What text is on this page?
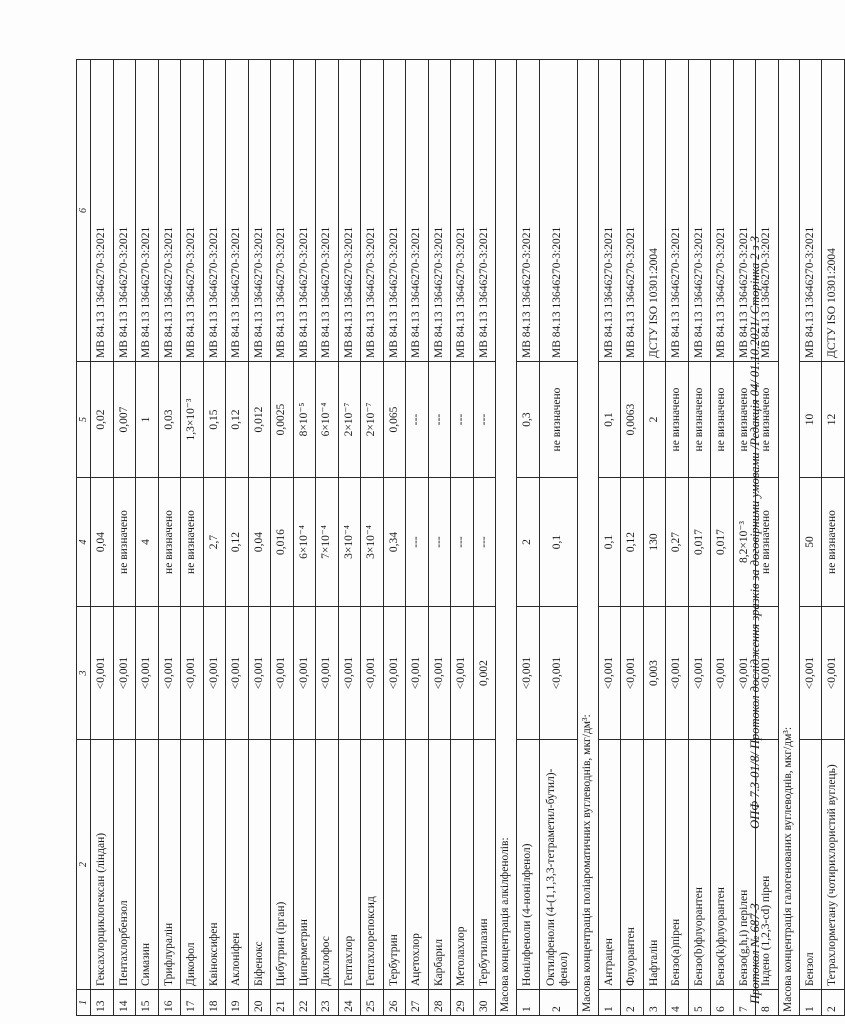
1	2	3	4	5	6
13	Гексахлорциклогексан (ліндан)	<0,001	0,04	0,02	МВ 84.13 13646270-3:2021
14	Пентахлорбензол	<0,001	не визначено	0,007	МВ 84.13 13646270-3:2021
15	Симазин	<0,001	4	1	МВ 84.13 13646270-3:2021
16	Трифлуралін	<0,001	не визначено	0,03	МВ 84.13 13646270-3:2021
17	Дикофол	<0,001	не визначено	1,3×10⁻³	МВ 84.13 13646270-3:2021
18	Квіноксифен	<0,001	2,7	0,15	МВ 84.13 13646270-3:2021
19	Аклоніфен	<0,001	0,12	0,12	МВ 84.13 13646270-3:2021
20	Біфенокс	<0,001	0,04	0,012	МВ 84.13 13646270-3:2021
21	Цибутрин (ірган)	<0,001	0,016	0,0025	МВ 84.13 13646270-3:2021
22	Циперметрин	<0,001	6×10⁻⁴	8×10⁻⁵	МВ 84.13 13646270-3:2021
23	Дихлофос	<0,001	7×10⁻⁴	6×10⁻⁴	МВ 84.13 13646270-3:2021
24	Гептахлор	<0,001	3×10⁻⁴	2×10⁻⁷	МВ 84.13 13646270-3:2021
25	Гептахлорепоксид	<0,001	3×10⁻⁴	2×10⁻⁷	МВ 84.13 13646270-3:2021
26	Тербутрин	<0,001	0,34	0,065	МВ 84.13 13646270-3:2021
27	Ацетохлор	<0,001	---	---	МВ 84.13 13646270-3:2021
28	Карбарил	<0,001	---	---	МВ 84.13 13646270-3:2021
29	Метолахлор	<0,001	---	---	МВ 84.13 13646270-3:2021
30	Тербутилазин	0,002	---	---	МВ 84.13 13646270-3:2021
Масова концентрація алкілфенолів:					
1	Нонілфеноли (4-нонілфенол)	<0,001	2	0,3	МВ 84.13 13646270-3:2021
2	Октилфеноли (4-(1,1,3,3-тетраметил-бутил)-фенол)	<0,001	0,1	не визначено	МВ 84.13 13646270-3:2021
Масова концентрація поліароматичних вуглеводнів, мкг/дм³:					
1	Антрацен	<0,001	0,1	0,1	МВ 84.13 13646270-3:2021
2	Флуорантен	<0,001	0,12	0,0063	МВ 84.13 13646270-3:2021
3	Нафталін	0,003	130	2	ДСТУ ISO 10301:2004
4	Бензо(а)пірен	<0,001	0,27	не визначено	МВ 84.13 13646270-3:2021
5	Бензо(b)флуорантен	<0,001	0,017	не визначено	МВ 84.13 13646270-3:2021
6	Бензо(k)флуорантен	<0,001	0,017	не визначено	МВ 84.13 13646270-3:2021
7	Бензо(g,h,i) перілен	<0,001	8,2×10⁻³	не визначено	МВ 84.13 13646270-3:2021
8	Індено (1,2,3-cd) пірен	<0,001	не визначено	не визначено	МВ 84.13 13646270-3:2021
Масова концентрація галогенованих вуглеводнів, мкг/дм³:					
1	Бензол	<0,001	50	10	МВ 84.13 13646270-3:2021
2	Тетрахлорметану (чотирихлористий вуглець)	<0,001	не визначено	12	ДСТУ ISO 10301:2004
Протокол № 687-3 ОПФ 7.3-01/8/ Протокол дослідження зразків за договірними умовами /Редакція 04/ 01.10.2021/ Сторінка 2 з 3
